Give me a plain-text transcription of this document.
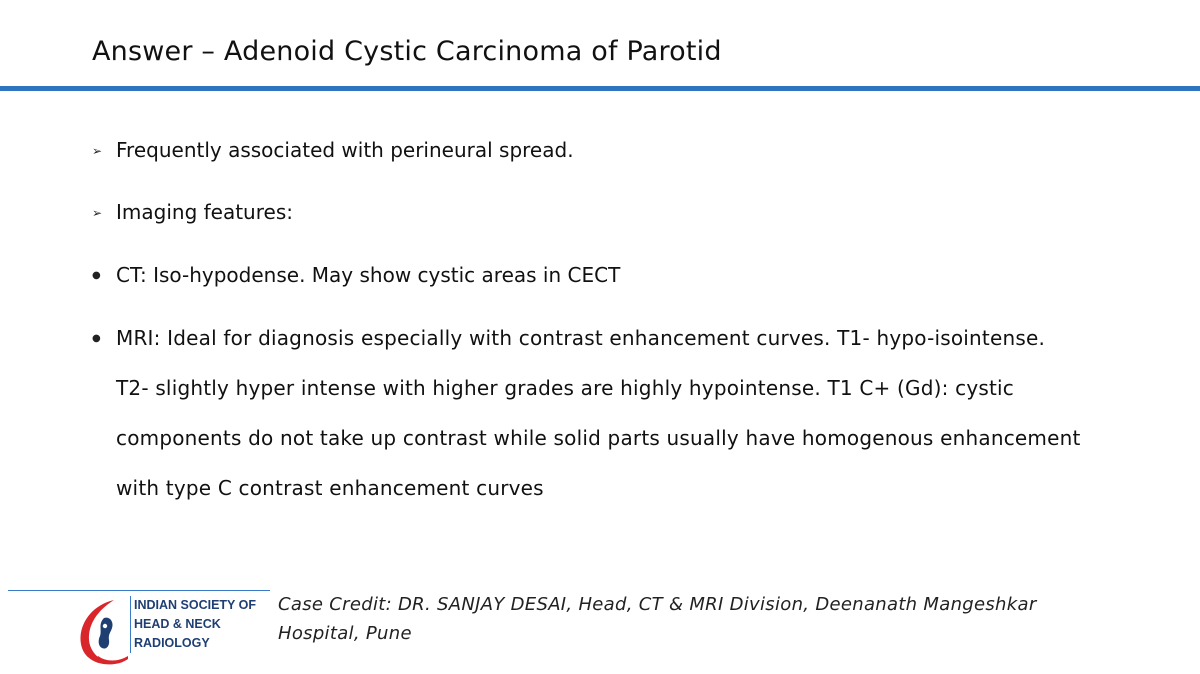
Answer – Adenoid Cystic Carcinoma of Parotid
➢ Frequently associated with perineural spread.
➢ Imaging features:
● CT: Iso-hypodense. May show cystic areas in CECT
● MRI: Ideal for diagnosis especially with contrast enhancement curves. T1- hypo-isointense.
T2- slightly hyper intense with higher grades are highly hypointense. T1 C+ (Gd): cystic
components do not take up contrast while solid parts usually have homogenous enhancement
with type C contrast enhancement curves
INDIAN SOCIETY OF
HEAD & NECK
RADIOLOGY
Case Credit: DR. SANJAY DESAI, Head, CT & MRI Division, Deenanath Mangeshkar
Hospital, Pune
